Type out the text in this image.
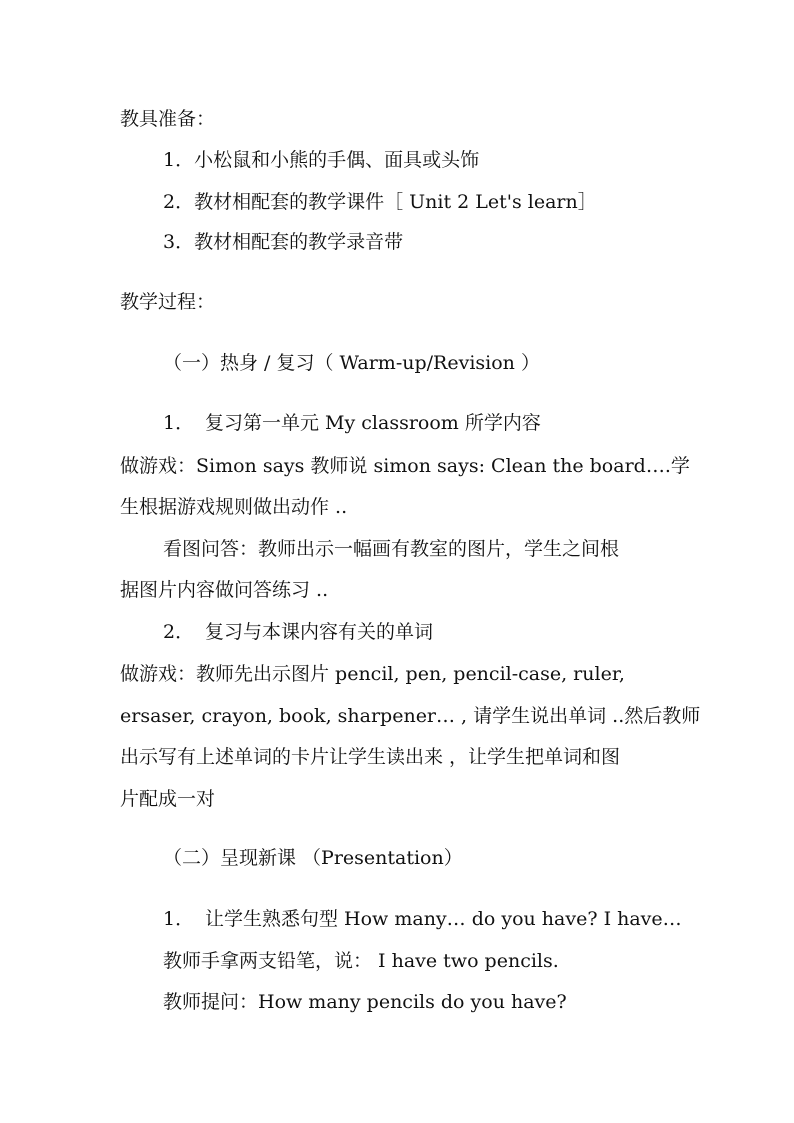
教具准备：
1．小松鼠和小熊的手偶、面具或头饰
2．教材相配套的教学课件［ Unit 2 Let's learn］
3．教材相配套的教学录音带
教学过程：
（一）热身 / 复习（ Warm-up/Revision ）
1． 复习第一单元 My classroom 所学内容
做游戏：Simon says 教师说 simon says: Clean the board….学
生根据游戏规则做出动作 ..
看图问答：教师出示一幅画有教室的图片，学生之间根
据图片内容做问答练习 ..
2． 复习与本课内容有关的单词
做游戏：教师先出示图片 pencil, pen, pencil-case, ruler,
ersaser, crayon, book, sharpener… , 请学生说出单词 ..然后教师
出示写有上述单词的卡片让学生读出来 ，让学生把单词和图
片配成一对
（二）呈现新课 （Presentation）
1． 让学生熟悉句型 How many… do you have? I have…
教师手拿两支铅笔，说： I have two pencils.
教师提问：How many pencils do you have?
